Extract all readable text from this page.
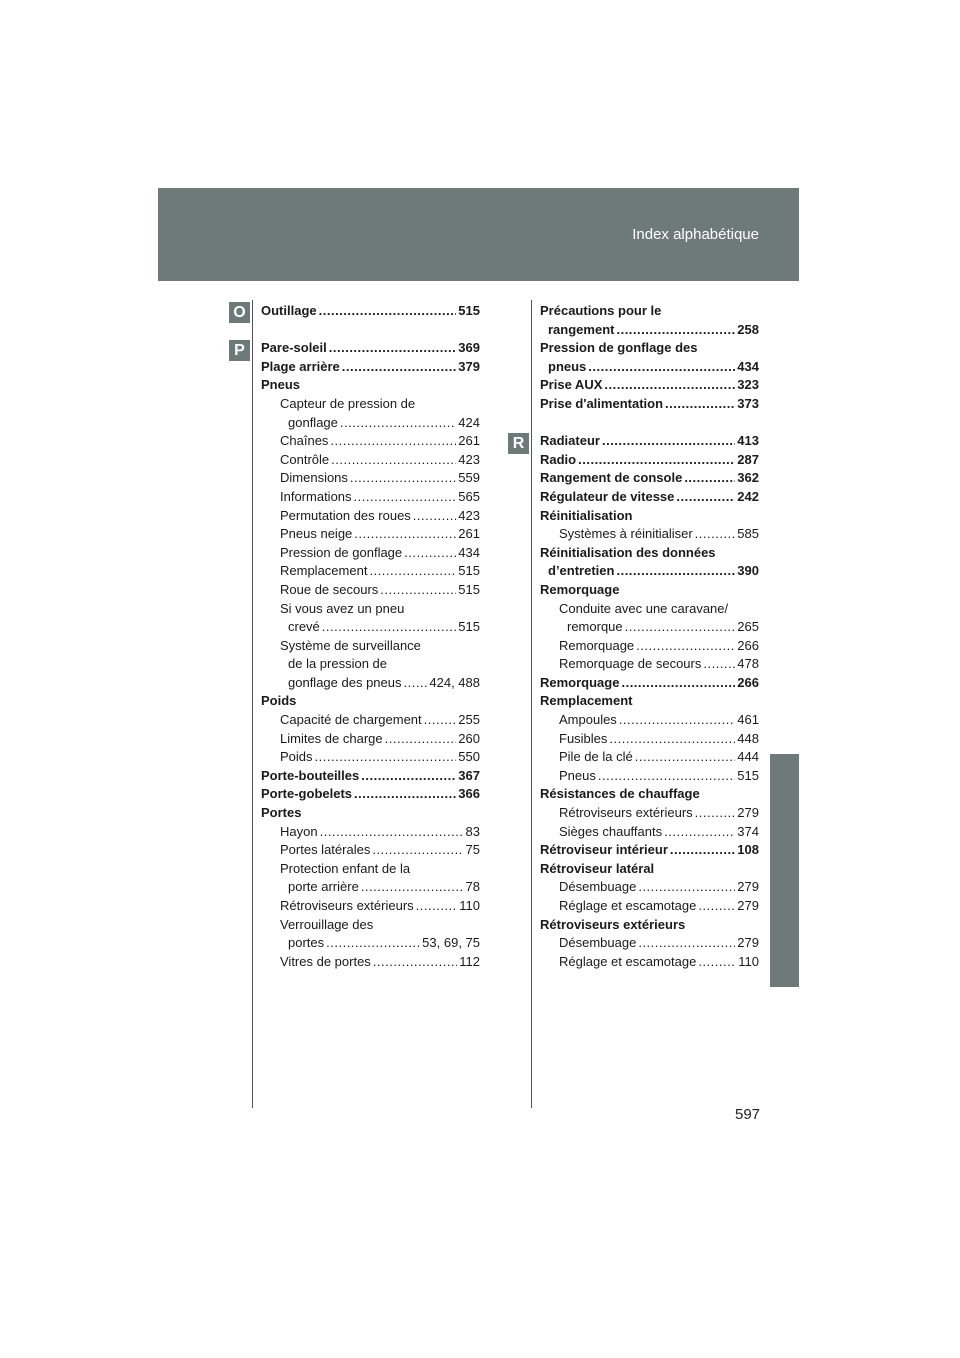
Index alphabétique
O
P
R
Outillage .....	515
Pare-soleil .....	369
Plage arrière .....	379
Pneus
Capteur de pression de
gonflage .....	424
Chaînes .....	261
Contrôle .....	423
Dimensions .....	559
Informations .....	565
Permutation des roues .....	423
Pneus neige .....	261
Pression de gonflage .....	434
Remplacement .....	515
Roue de secours .....	515
Si vous avez un pneu
crevé .....	515
Système de surveillance
de la pression de
gonflage des pneus ..... 424, 488
Poids
Capacité de chargement .....	255
Limites de charge .....	260
Poids .....	550
Porte-bouteilles .....	367
Porte-gobelets .....	366
Portes
Hayon .....	83
Portes latérales .....	75
Protection enfant de la
porte arrière .....	78
Rétroviseurs extérieurs .....	110
Verrouillage des
portes .....	53, 69, 75
Vitres de portes .....	112
Précautions pour le
rangement .....	258
Pression de gonflage des
pneus .....	434
Prise AUX .....	323
Prise d'alimentation .....	373
Radiateur .....	413
Radio .....	287
Rangement de console .....	362
Régulateur de vitesse .....	242
Réinitialisation
Systèmes à réinitialiser .....	585
Réinitialisation des données
d’entretien .....	390
Remorquage
Conduite avec une caravane/
remorque .....	265
Remorquage .....	266
Remorquage de secours .....	478
Remorquage .....	266
Remplacement
Ampoules .....	461
Fusibles .....	448
Pile de la clé .....	444
Pneus .....	515
Résistances de chauffage
Rétroviseurs extérieurs .....	279
Sièges chauffants .....	374
Rétroviseur intérieur .....	108
Rétroviseur latéral
Désembuage .....	279
Réglage et escamotage .....	279
Rétroviseurs extérieurs
Désembuage .....	279
Réglage et escamotage .....	110
597
